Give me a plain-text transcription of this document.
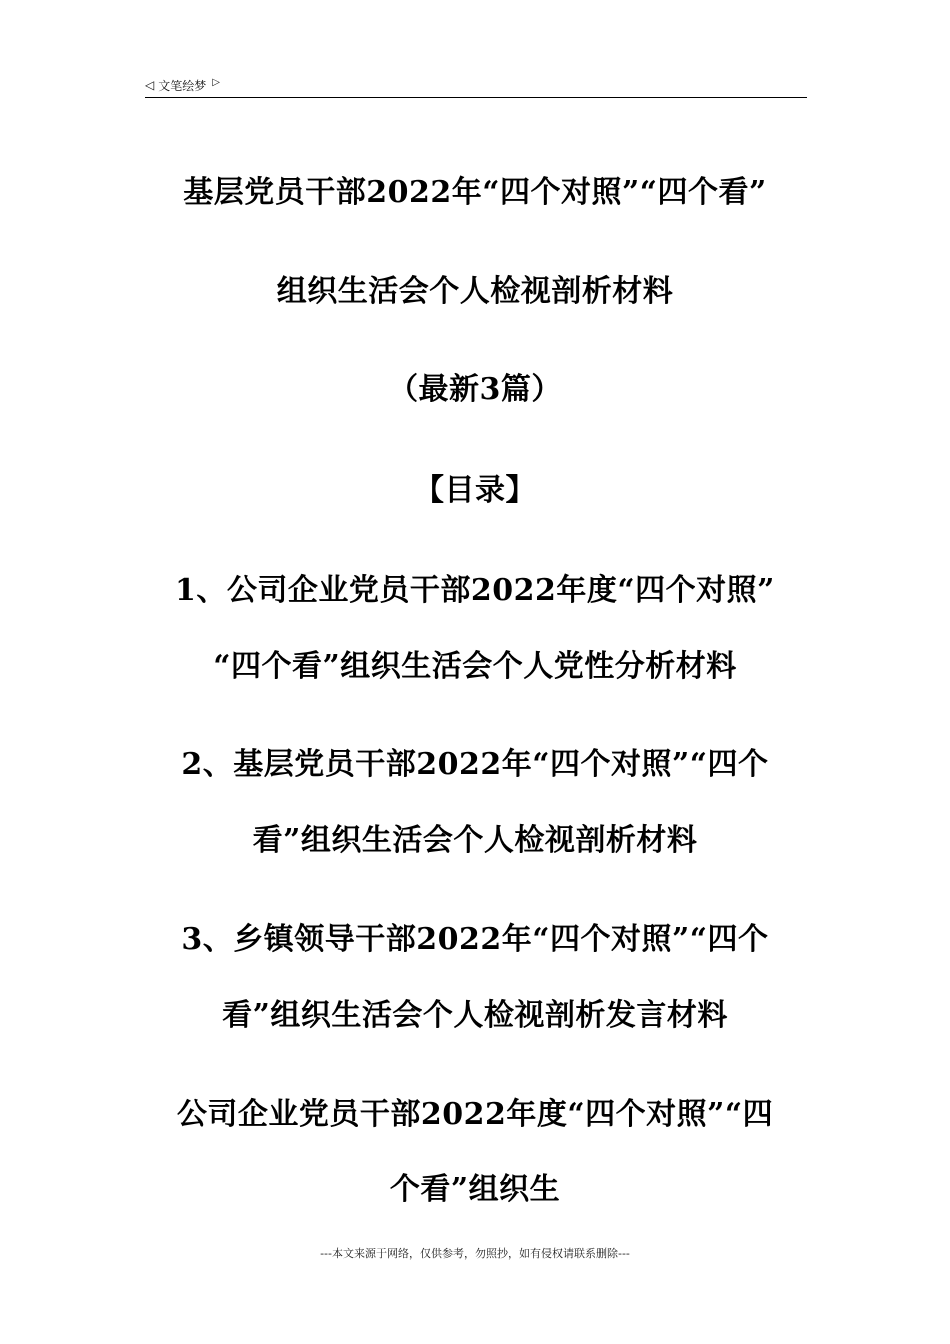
◁ 文笔绘梦 ▷
基层党员干部2022年“四个对照”“四个看”
组织生活会个人检视剖析材料
（最新3篇）
【目录】
1、公司企业党员干部2022年度“四个对照”
“四个看”组织生活会个人党性分析材料
2、基层党员干部2022年“四个对照”“四个
看”组织生活会个人检视剖析材料
3、乡镇领导干部2022年“四个对照”“四个
看”组织生活会个人检视剖析发言材料
公司企业党员干部2022年度“四个对照”“四
个看”组织生
---本文来源于网络，仅供参考，勿照抄，如有侵权请联系删除---
